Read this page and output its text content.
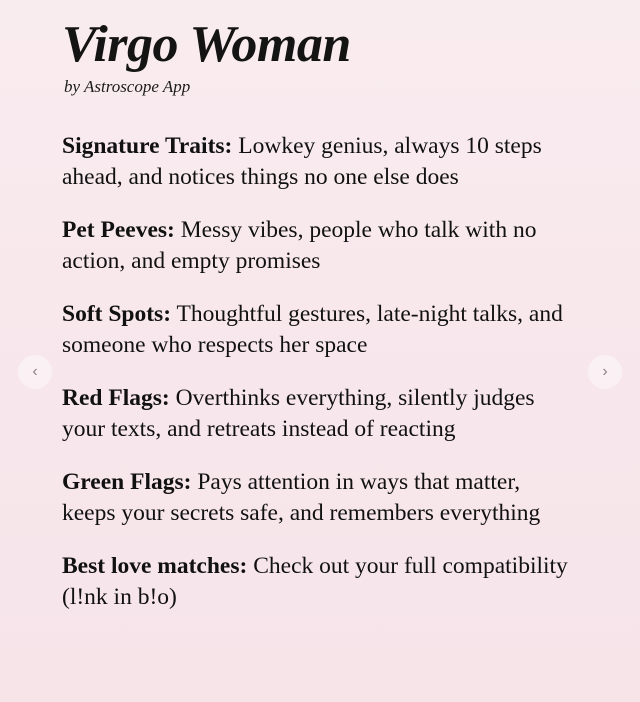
Virgo Woman
by Astroscope App
Signature Traits: Lowkey genius, always 10 steps ahead, and notices things no one else does
Pet Peeves: Messy vibes, people who talk with no action, and empty promises
Soft Spots: Thoughtful gestures, late-night talks, and someone who respects her space
Red Flags: Overthinks everything, silently judges your texts, and retreats instead of reacting
Green Flags: Pays attention in ways that matter, keeps your secrets safe, and remembers everything
Best love matches: Check out your full compatibility (l!nk in b!o)
‹	›
